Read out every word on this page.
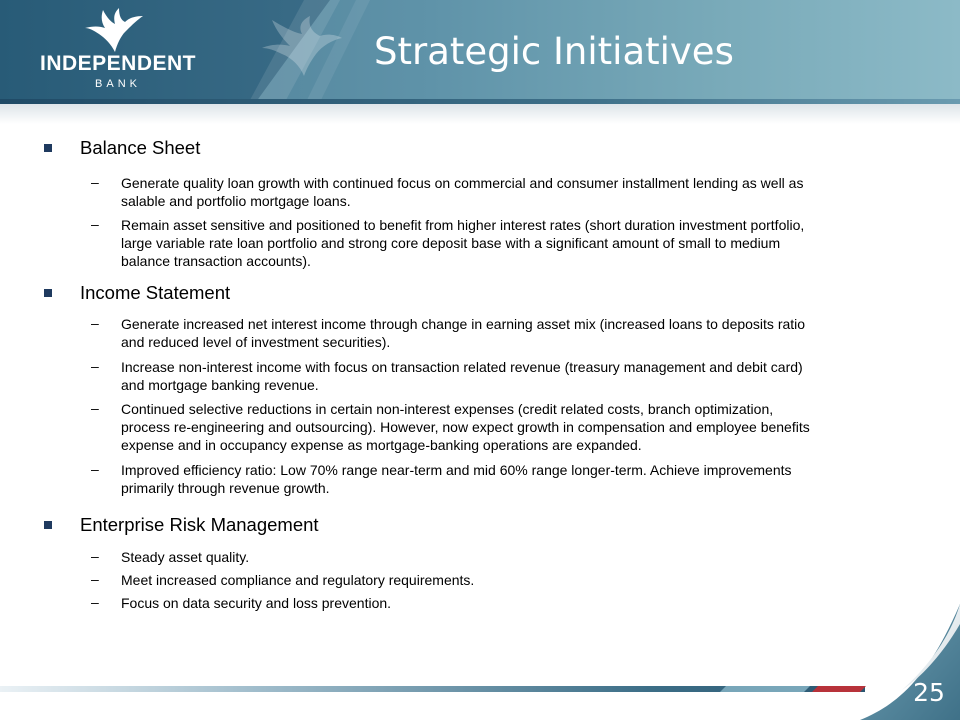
INDEPENDENT
BANK
Strategic Initiatives
Balance Sheet
– Generate quality loan growth with continued focus on commercial and consumer installment lending as well as
salable and portfolio mortgage loans.
– Remain asset sensitive and positioned to benefit from higher interest rates (short duration investment portfolio,
large variable rate loan portfolio and strong core deposit base with a significant amount of small to medium
balance transaction accounts).
Income Statement
– Generate increased net interest income through change in earning asset mix (increased loans to deposits ratio
and reduced level of investment securities).
– Increase non-interest income with focus on transaction related revenue (treasury management and debit card)
and mortgage banking revenue.
– Continued selective reductions in certain non-interest expenses (credit related costs, branch optimization,
process re-engineering and outsourcing). However, now expect growth in compensation and employee benefits
expense and in occupancy expense as mortgage-banking operations are expanded.
– Improved efficiency ratio: Low 70% range near-term and mid 60% range longer-term. Achieve improvements
primarily through revenue growth.
Enterprise Risk Management
– Steady asset quality.
– Meet increased compliance and regulatory requirements.
– Focus on data security and loss prevention.
25
